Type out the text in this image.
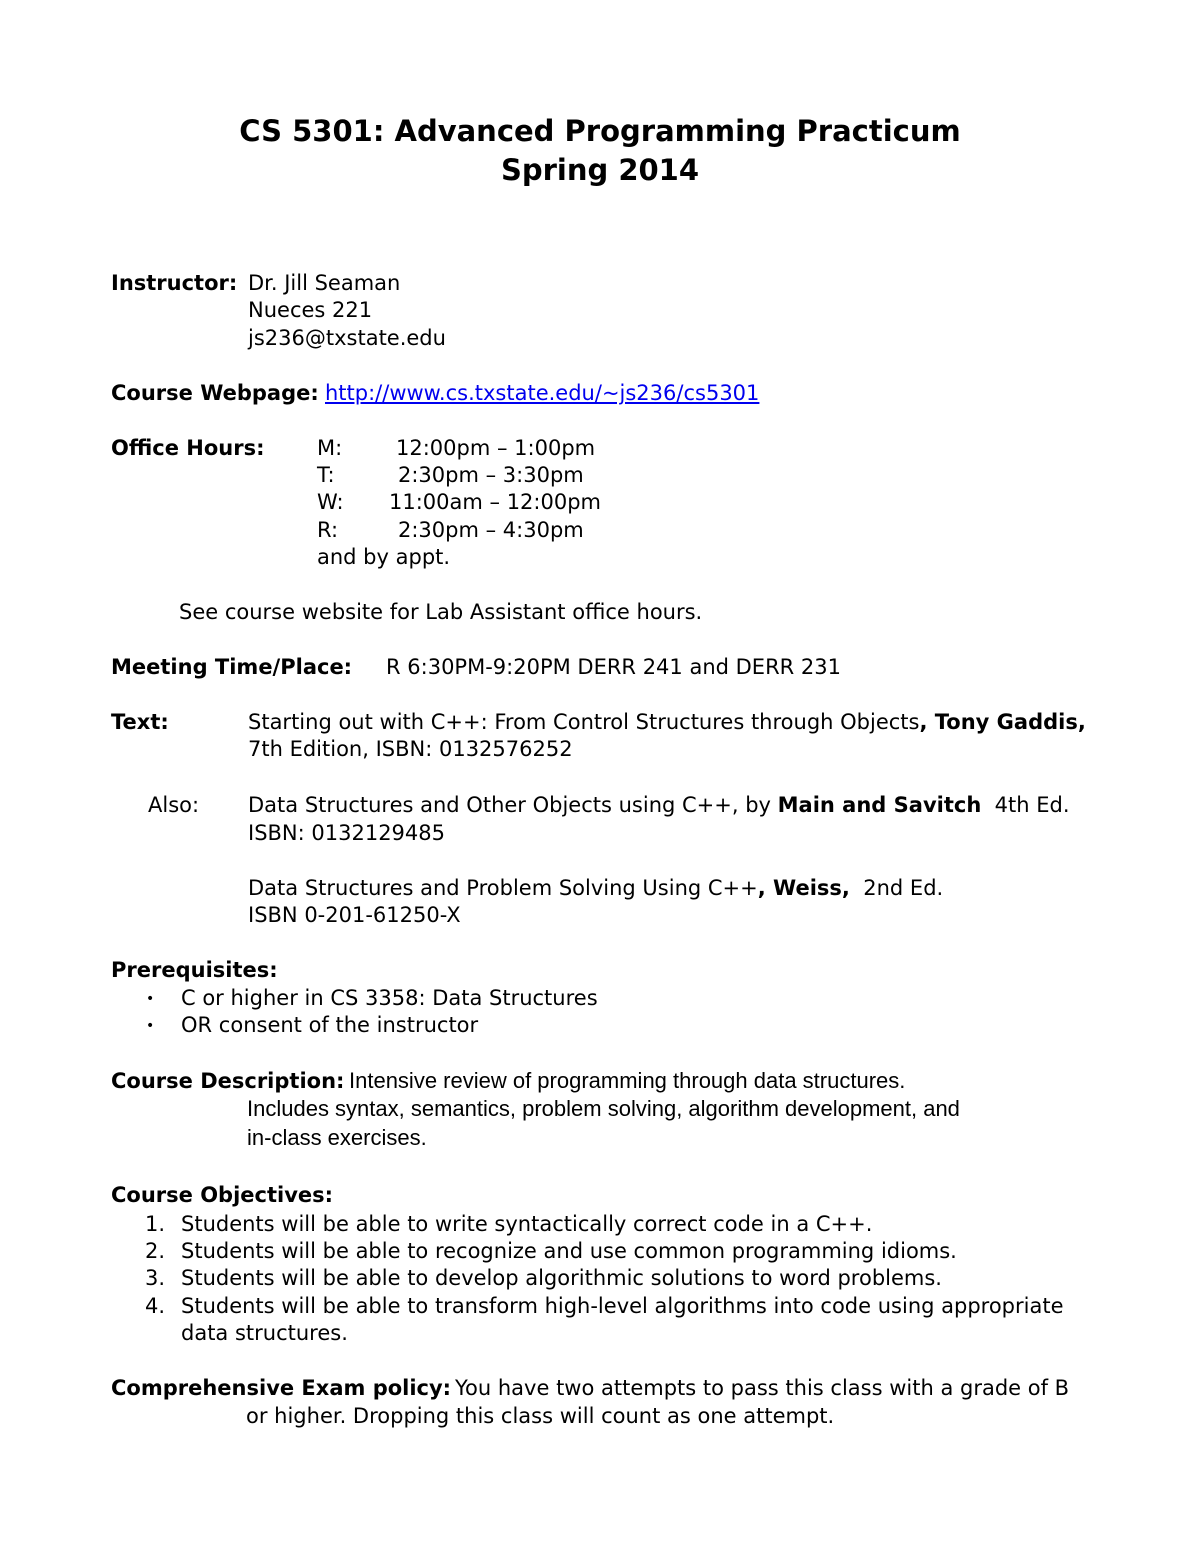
CS 5301: Advanced Programming Practicum
Spring 2014
Instructor: Dr. Jill Seaman
Nueces 221
js236@txstate.edu
Course Webpage: http://www.cs.txstate.edu/~js236/cs5301
Office Hours:	M:	12:00pm – 1:00pm
T:	2:30pm – 3:30pm
W: 11:00am – 12:00pm
R:	2:30pm – 4:30pm
and by appt.
See course website for Lab Assistant office hours.
Meeting Time/Place: R 6:30PM-9:20PM DERR 241 and DERR 231
Text:	Starting out with C++: From Control Structures through Objects, Tony Gaddis,
7th Edition, ISBN: 0132576252
Also: Data Structures and Other Objects using C++, by Main and Savitch 4th Ed.
ISBN: 0132129485
Data Structures and Problem Solving Using C++, Weiss, 2nd Ed.
ISBN 0-201-61250-X
Prerequisites:
• C or higher in CS 3358: Data Structures
• OR consent of the instructor
Course Description: Intensive review of programming through data structures.
Includes syntax, semantics, problem solving, algorithm development, and
in-class exercises.
Course Objectives:
1. Students will be able to write syntactically correct code in a C++.
2. Students will be able to recognize and use common programming idioms.
3. Students will be able to develop algorithmic solutions to word problems.
4. Students will be able to transform high-level algorithms into code using appropriate
data structures.
Comprehensive Exam policy: You have two attempts to pass this class with a grade of B
or higher. Dropping this class will count as one attempt.
